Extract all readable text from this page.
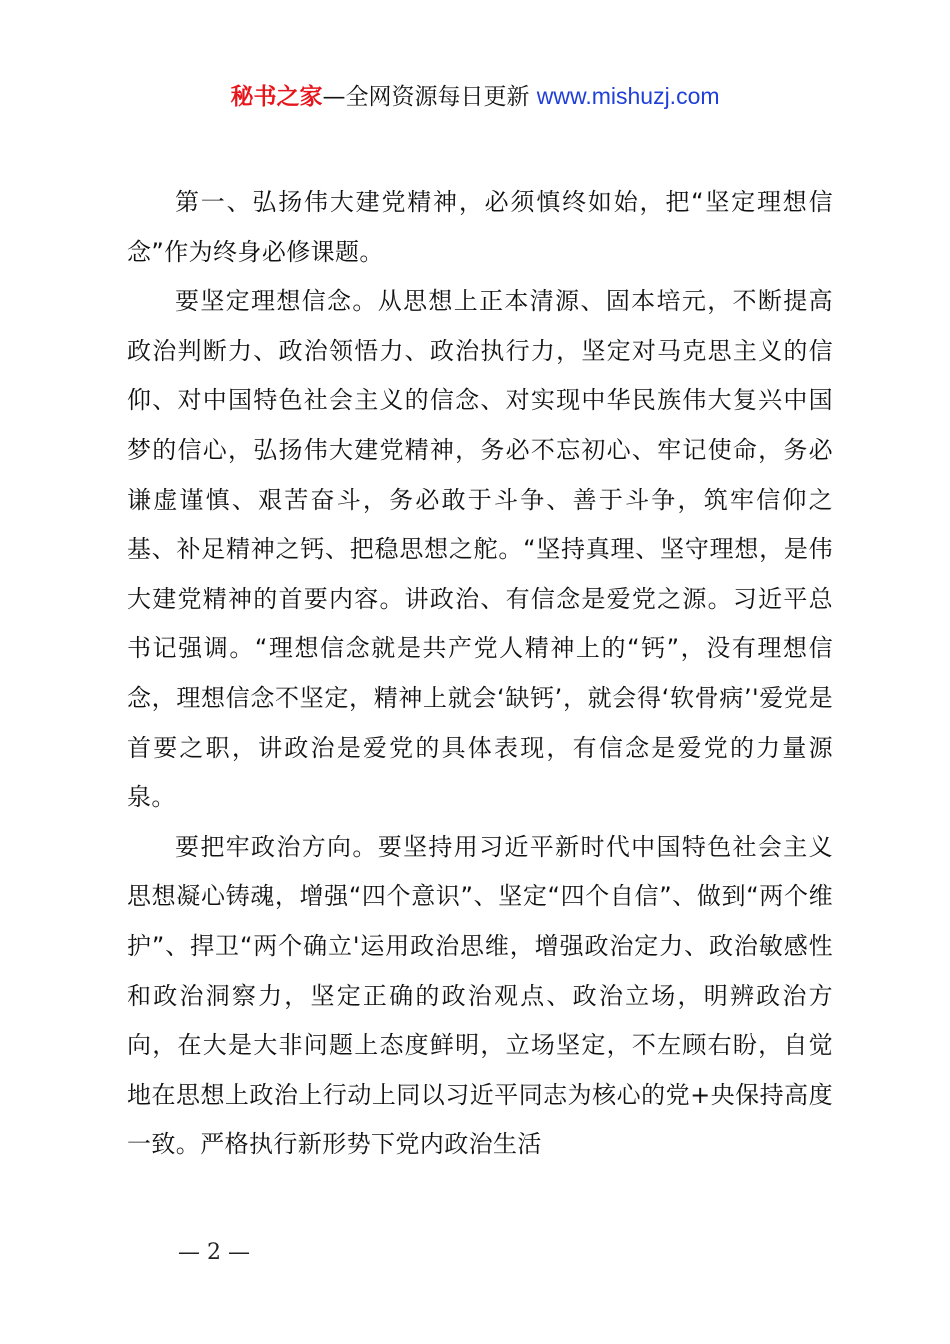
秘书之家—全网资源每日更新 www.mishuzj.com

第一、弘扬伟大建党精神，必须慎终如始，把“坚定理想信念”作为终身必修课题。

要坚定理想信念。从思想上正本清源、固本培元，不断提高政治判断力、政治领悟力、政治执行力，坚定对马克思主义的信仰、对中国特色社会主义的信念、对实现中华民族伟大复兴中国梦的信心，弘扬伟大建党精神，务必不忘初心、牢记使命，务必谦虚谨慎、艰苦奋斗，务必敢于斗争、善于斗争，筑牢信仰之基、补足精神之钙、把稳思想之舵。“坚持真理、坚守理想，是伟大建党精神的首要内容。讲政治、有信念是爱党之源。习近平总书记强调。“理想信念就是共产党人精神上的“钙”，没有理想信念，理想信念不坚定，精神上就会‘缺钙’，就会得‘软骨病’'爱党是首要之职，讲政治是爱党的具体表现，有信念是爱党的力量源泉。

要把牢政治方向。要坚持用习近平新时代中国特色社会主义思想凝心铸魂，增强“四个意识”、坚定“四个自信”、做到“两个维护”、捍卫“两个确立'运用政治思维，增强政治定力、政治敏感性和政治洞察力，坚定正确的政治观点、政治立场，明辨政治方向，在大是大非问题上态度鲜明，立场坚定，不左顾右盼，自觉地在思想上政治上行动上同以习近平同志为核心的党+央保持高度一致。严格执行新形势下党内政治生活

— 2 —
